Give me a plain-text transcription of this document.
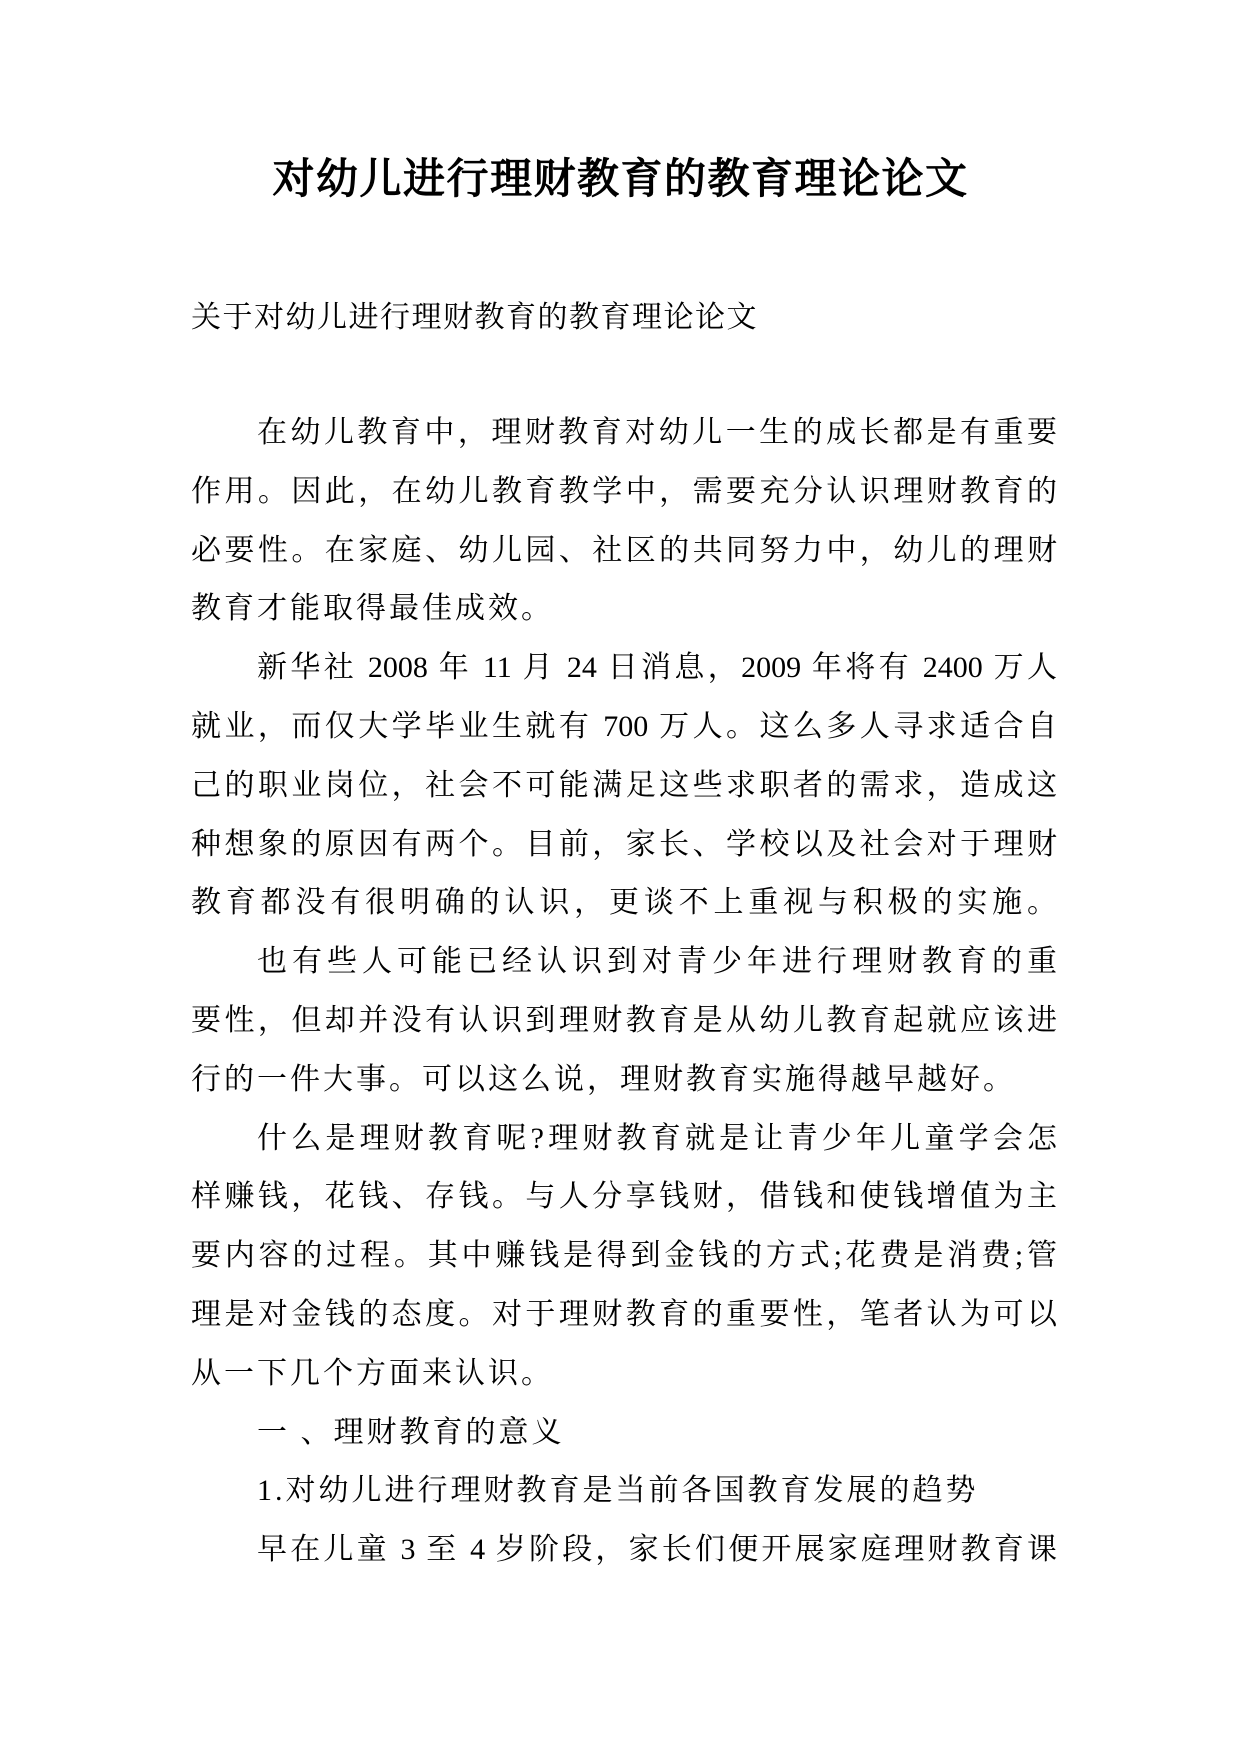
对幼儿进行理财教育的教育理论论文
关于对幼儿进行理财教育的教育理论论文
在幼儿教育中，理财教育对幼儿一生的成长都是有重要
作用。因此，在幼儿教育教学中，需要充分认识理财教育的
必要性。在家庭、幼儿园、社区的共同努力中，幼儿的理财
教育才能取得最佳成效。
新华社 2008 年 11 月 24 日消息，2009 年将有 2400 万人
就业，而仅大学毕业生就有 700 万人。这么多人寻求适合自
己的职业岗位，社会不可能满足这些求职者的需求，造成这
种想象的原因有两个。目前，家长、学校以及社会对于理财
教育都没有很明确的认识，更谈不上重视与积极的实施。
也有些人可能已经认识到对青少年进行理财教育的重
要性，但却并没有认识到理财教育是从幼儿教育起就应该进
行的一件大事。可以这么说，理财教育实施得越早越好。
什么是理财教育呢?理财教育就是让青少年儿童学会怎
样赚钱，花钱、存钱。与人分享钱财，借钱和使钱增值为主
要内容的过程。其中赚钱是得到金钱的方式;花费是消费;管
理是对金钱的态度。对于理财教育的重要性，笔者认为可以
从一下几个方面来认识。
一 、理财教育的意义
1.对幼儿进行理财教育是当前各国教育发展的趋势
早在儿童 3 至 4 岁阶段，家长们便开展家庭理财教育课
